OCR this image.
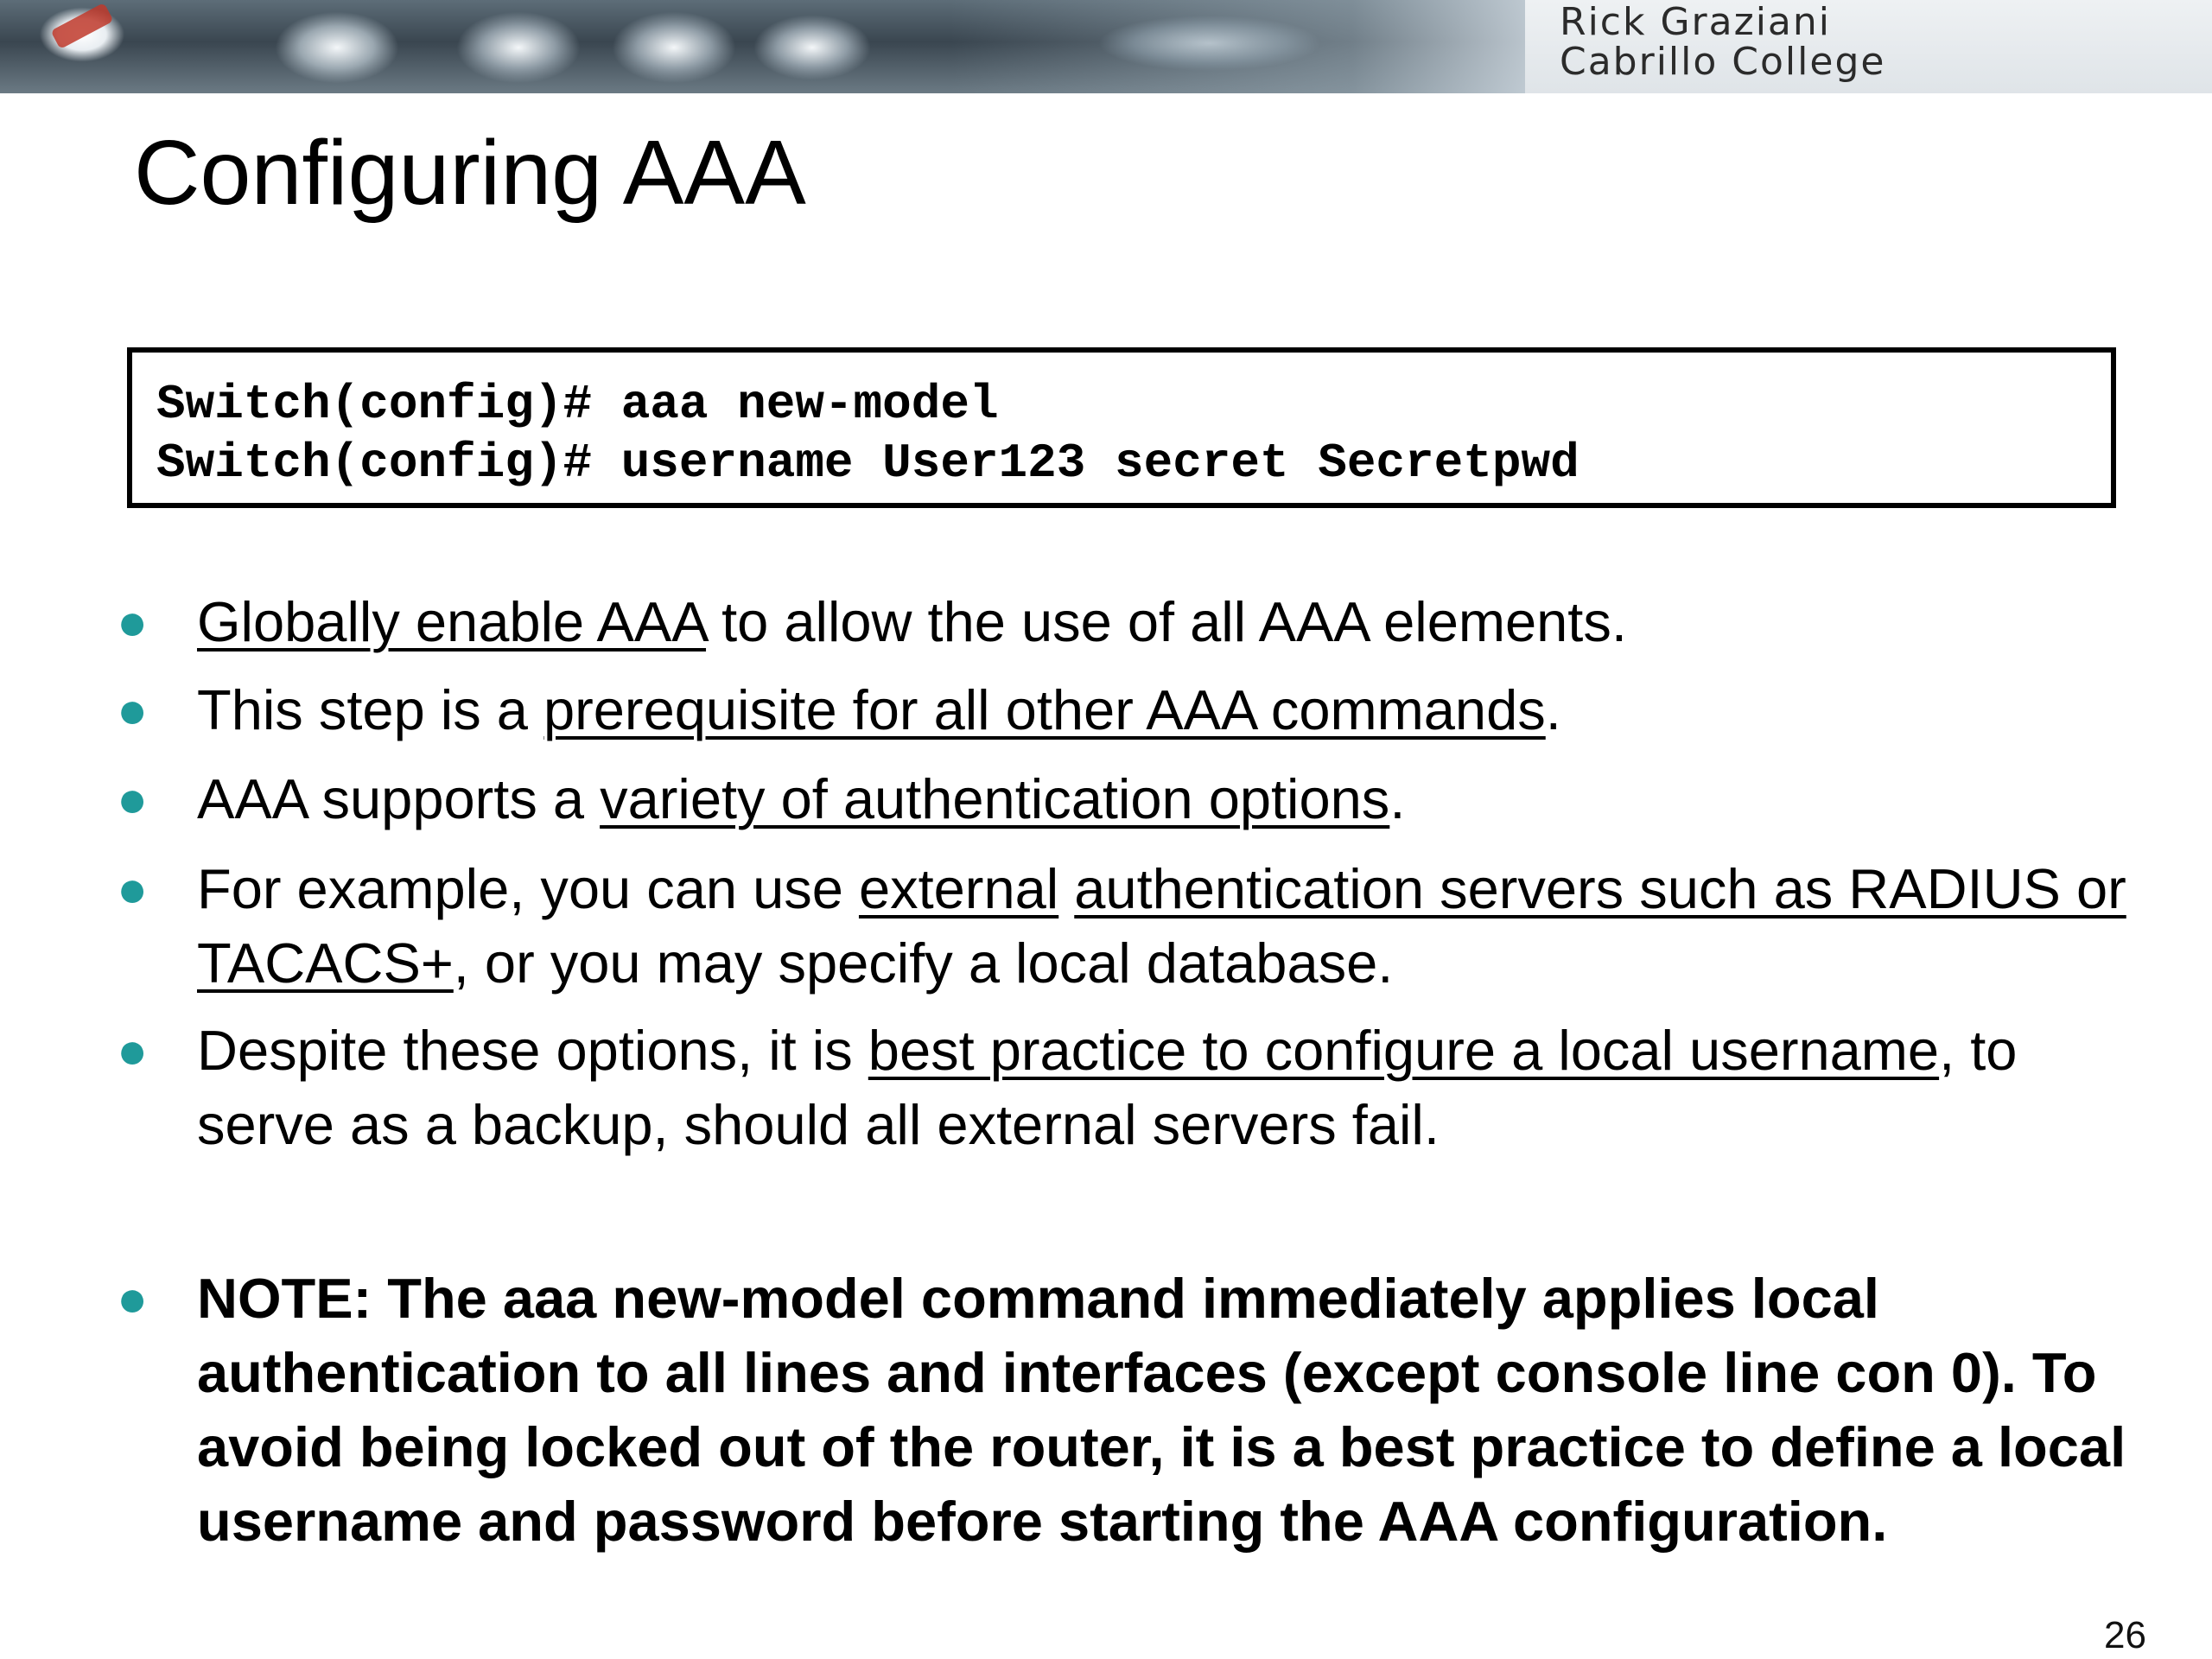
Rick Graziani
Cabrillo College
Configuring AAA
Switch(config)# aaa new-model
Switch(config)# username User123 secret Secretpwd

● Globally enable AAA to allow the use of all AAA elements.

● This step is a prerequisite for all other AAA commands.

● AAA supports a variety of authentication options.

● For example, you can use external authentication servers such as RADIUS or TACACS+, or you may specify a local database.

● Despite these options, it is best practice to configure a local username, to serve as a backup, should all external servers fail.

● NOTE: The aaa new-model command immediately applies local authentication to all lines and interfaces (except console line con 0). To avoid being locked out of the router, it is a best practice to define a local username and password before starting the AAA configuration.

26
